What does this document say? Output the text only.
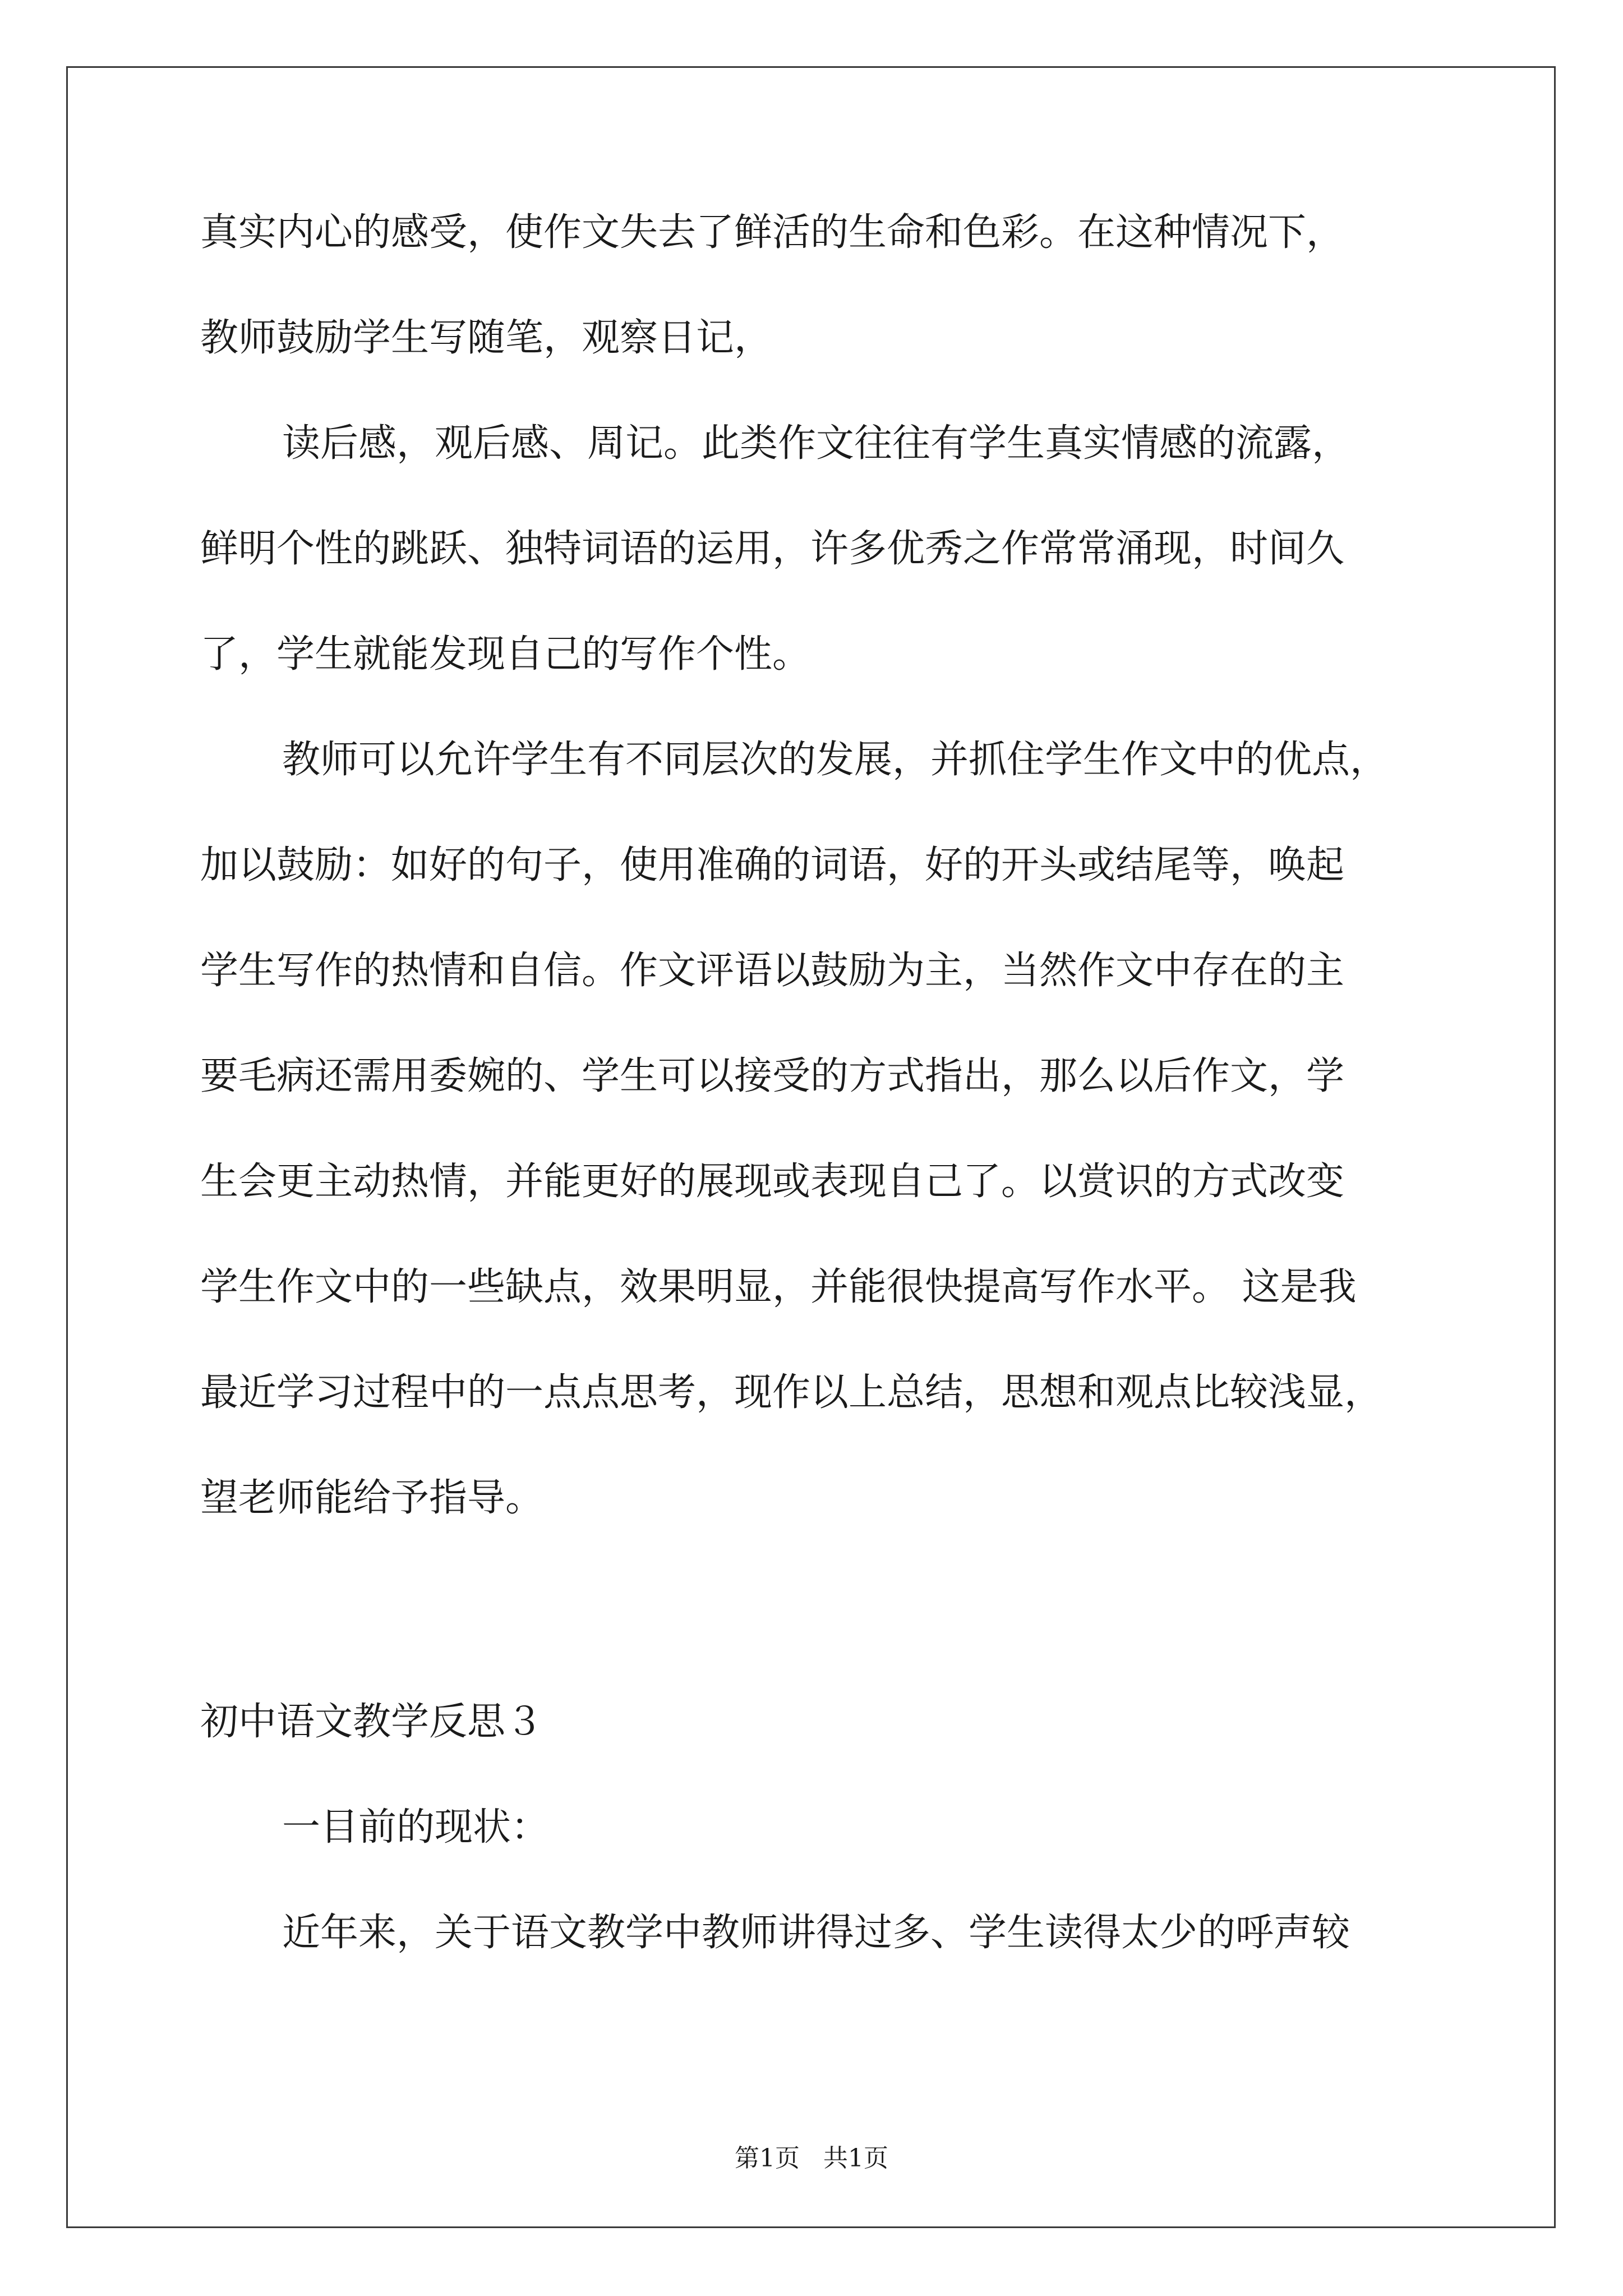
真实内心的感受，使作文失去了鲜活的生命和色彩。在这种情况下，
教师鼓励学生写随笔，观察日记，
读后感，观后感、周记。此类作文往往有学生真实情感的流露，
鲜明个性的跳跃、独特词语的运用，许多优秀之作常常涌现，时间久
了，学生就能发现自己的写作个性。
教师可以允许学生有不同层次的发展，并抓住学生作文中的优点，
加以鼓励：如好的句子，使用准确的词语，好的开头或结尾等，唤起
学生写作的热情和自信。作文评语以鼓励为主，当然作文中存在的主
要毛病还需用委婉的、学生可以接受的方式指出，那么以后作文，学
生会更主动热情，并能更好的展现或表现自己了。以赏识的方式改变
学生作文中的一些缺点，效果明显，并能很快提高写作水平。 这是我
最近学习过程中的一点点思考，现作以上总结，思想和观点比较浅显，
望老师能给予指导。
初中语文教学反思３
一目前的现状：
近年来，关于语文教学中教师讲得过多、学生读得太少的呼声较
第1页   共1页
